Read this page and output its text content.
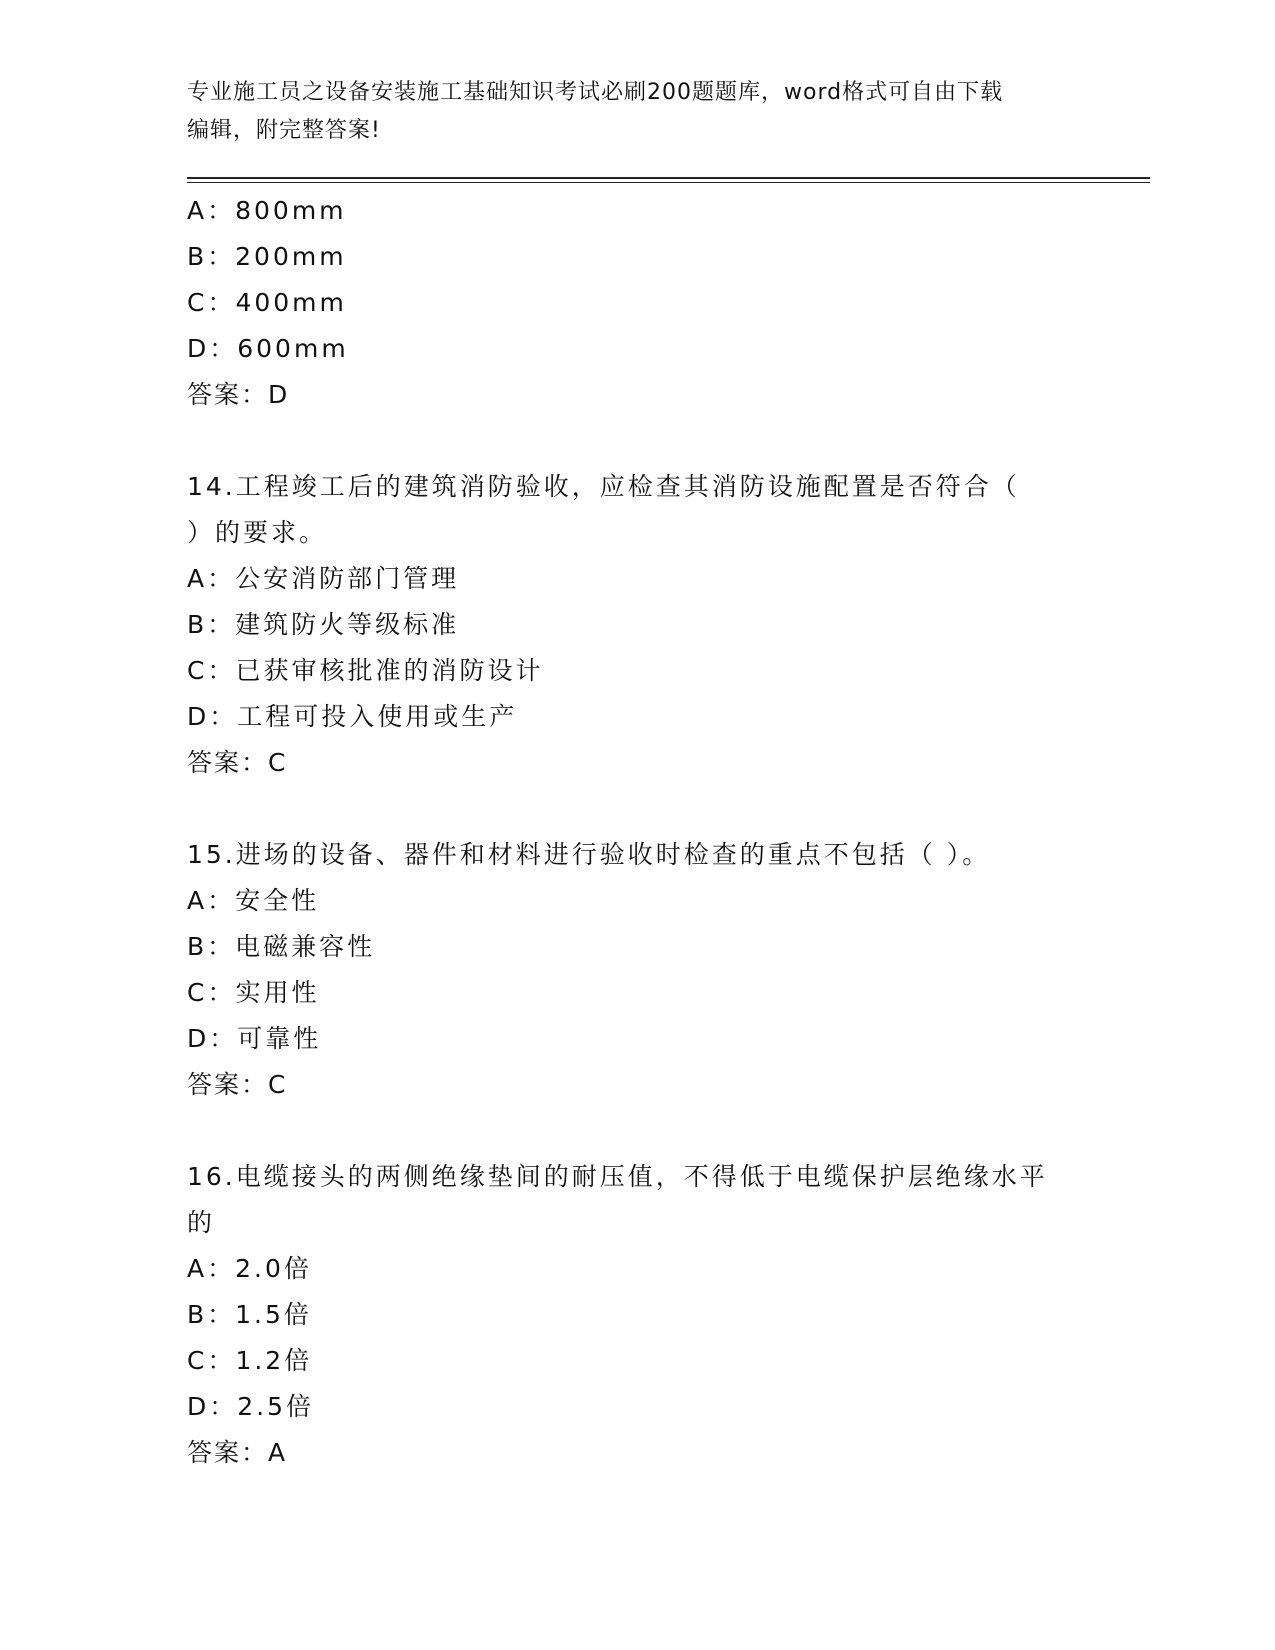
专业施工员之设备安装施工基础知识考试必刷200题题库，word格式可自由下载
编辑，附完整答案!
A：800mm
B：200mm
C：400mm
D：600mm
答案：D
14.工程竣工后的建筑消防验收，应检查其消防设施配置是否符合（
）的要求。
A：公安消防部门管理
B：建筑防火等级标准
C：已获审核批准的消防设计
D：工程可投入使用或生产
答案：C
15.进场的设备、器件和材料进行验收时检查的重点不包括（ ）。
A：安全性
B：电磁兼容性
C：实用性
D：可靠性
答案：C
16.电缆接头的两侧绝缘垫间的耐压值，不得低于电缆保护层绝缘水平
的
A：2.0倍
B：1.5倍
C：1.2倍
D：2.5倍
答案：A
